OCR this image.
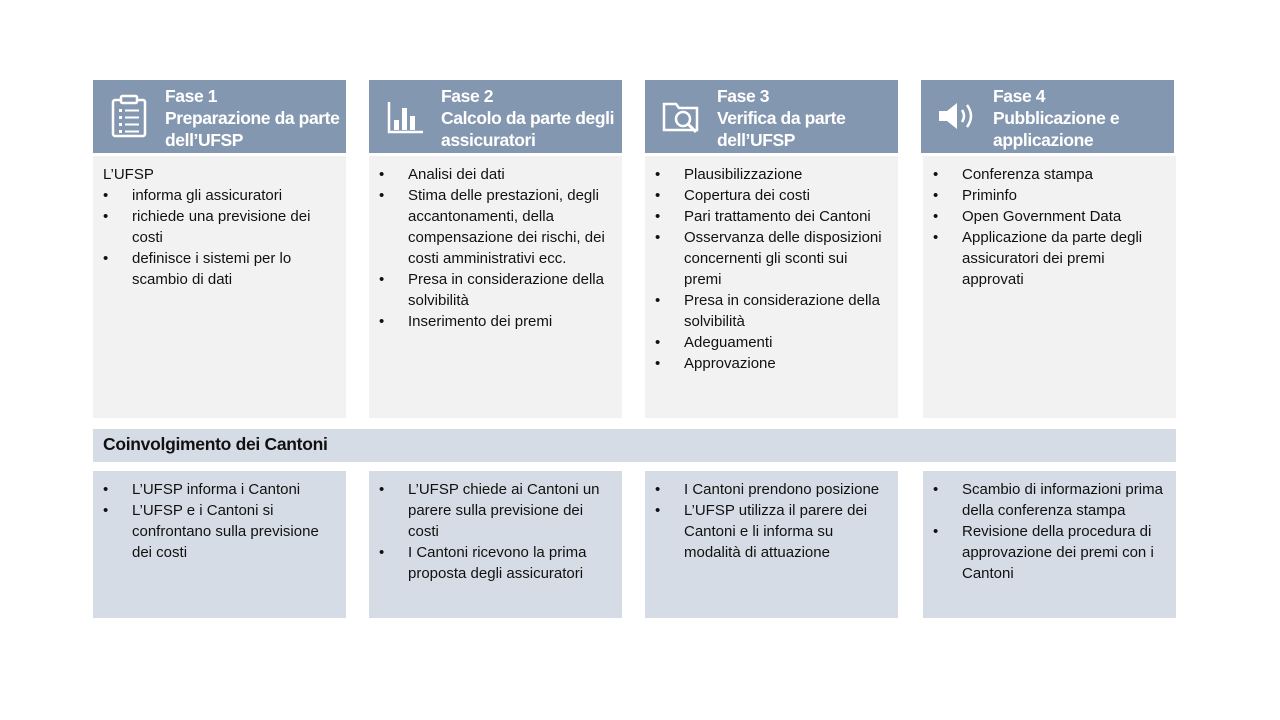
Fase 1
Preparazione da parte dell’UFSP
Fase 2
Calcolo da parte degli assicuratori
Fase 3
Verifica da parte dell’UFSP
Fase 4
Pubblicazione e applicazione

L’UFSP

• informa gli assicuratori
• richiede una previsione dei costi
• definisce i sistemi per lo scambio di dati
• Analisi dei dati
• Stima delle prestazioni, degli accantonamenti, della compensazione dei rischi, dei costi amministrativi ecc.
• Presa in considerazione della solvibilità
• Inserimento dei premi
• Plausibilizzazione
• Copertura dei costi
• Pari trattamento dei Cantoni
• Osservanza delle disposizioni concernenti gli sconti sui premi
• Presa in considerazione della solvibilità
• Adeguamenti
• Approvazione
• Conferenza stampa
• Priminfo
• Open Government Data
• Applicazione da parte degli assicuratori dei premi approvati
Coinvolgimento dei Cantoni
• L’UFSP informa i Cantoni
• L’UFSP e i Cantoni si confrontano sulla previsione dei costi
• L’UFSP chiede ai Cantoni un parere sulla previsione dei costi
• I Cantoni ricevono la prima proposta degli assicuratori
• I Cantoni prendono posizione
• L’UFSP utilizza il parere dei Cantoni e li informa su modalità di attuazione
• Scambio di informazioni prima della conferenza stampa
• Revisione della procedura di approvazione dei premi con i Cantoni
